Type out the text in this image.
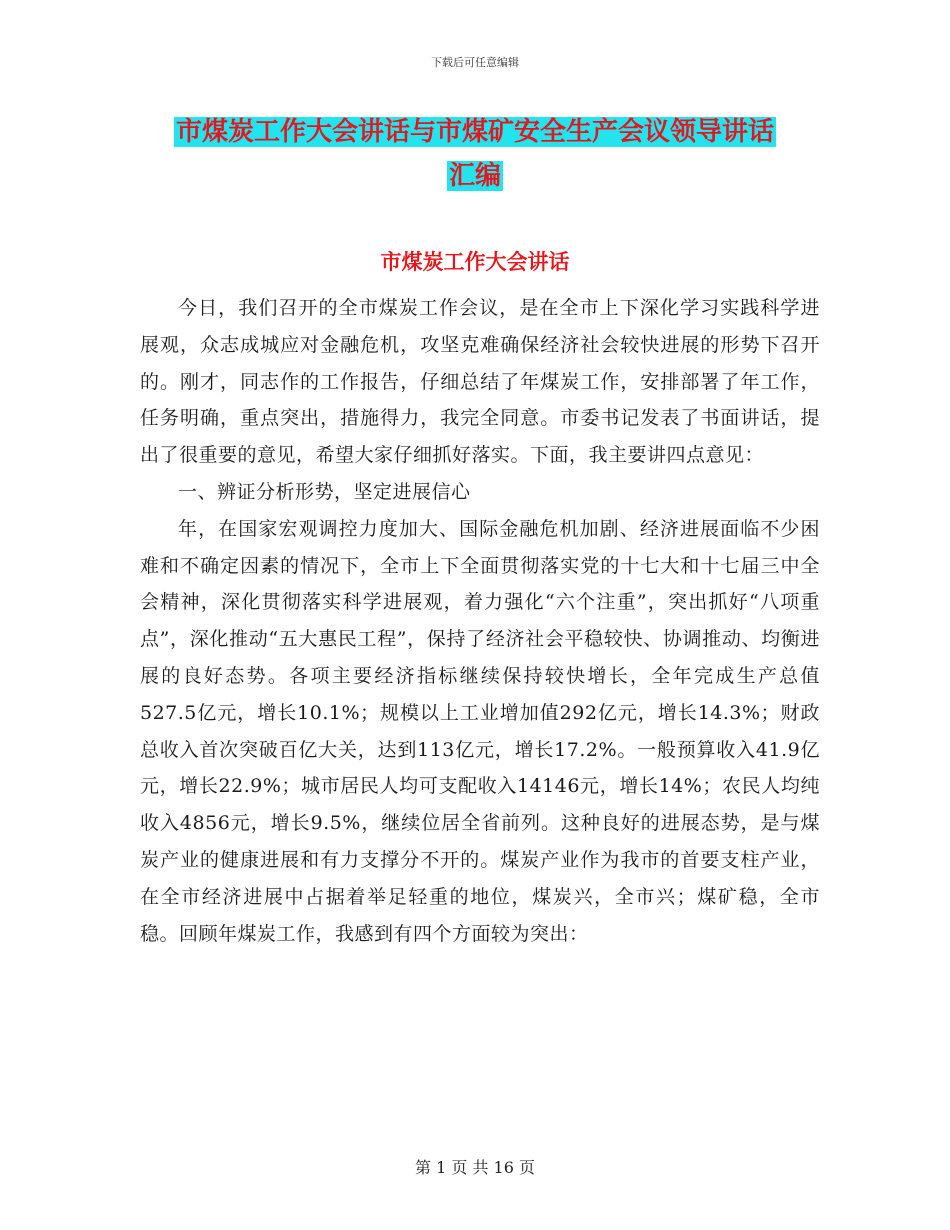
下载后可任意编辑
市煤炭工作大会讲话与市煤矿安全生产会议领导讲话
汇编
市煤炭工作大会讲话

今日，我们召开的全市煤炭工作会议，是在全市上下深化学习实践科学进展观，众志成城应对金融危机，攻坚克难确保经济社会较快进展的形势下召开的。刚才，同志作的工作报告，仔细总结了年煤炭工作，安排部署了年工作，任务明确，重点突出，措施得力，我完全同意。市委书记发表了书面讲话，提出了很重要的意见，希望大家仔细抓好落实。下面，我主要讲四点意见：

一、辨证分析形势，坚定进展信心

年，在国家宏观调控力度加大、国际金融危机加剧、经济进展面临不少困难和不确定因素的情况下，全市上下全面贯彻落实党的十七大和十七届三中全会精神，深化贯彻落实科学进展观，着力强化“六个注重”，突出抓好“八项重点”，深化推动“五大惠民工程”，保持了经济社会平稳较快、协调推动、均衡进展的良好态势。各项主要经济指标继续保持较快增长，全年完成生产总值527.5亿元，增长10.1%；规模以上工业增加值292亿元，增长14.3%；财政总收入首次突破百亿大关，达到113亿元，增长17.2%。一般预算收入41.9亿元，增长22.9%；城市居民人均可支配收入14146元，增长14%；农民人均纯收入4856元，增长9.5%，继续位居全省前列。这种良好的进展态势，是与煤炭产业的健康进展和有力支撑分不开的。煤炭产业作为我市的首要支柱产业，在全市经济进展中占据着举足轻重的地位，煤炭兴，全市兴；煤矿稳，全市稳。回顾年煤炭工作，我感到有四个方面较为突出：

第 1 页 共 16 页
